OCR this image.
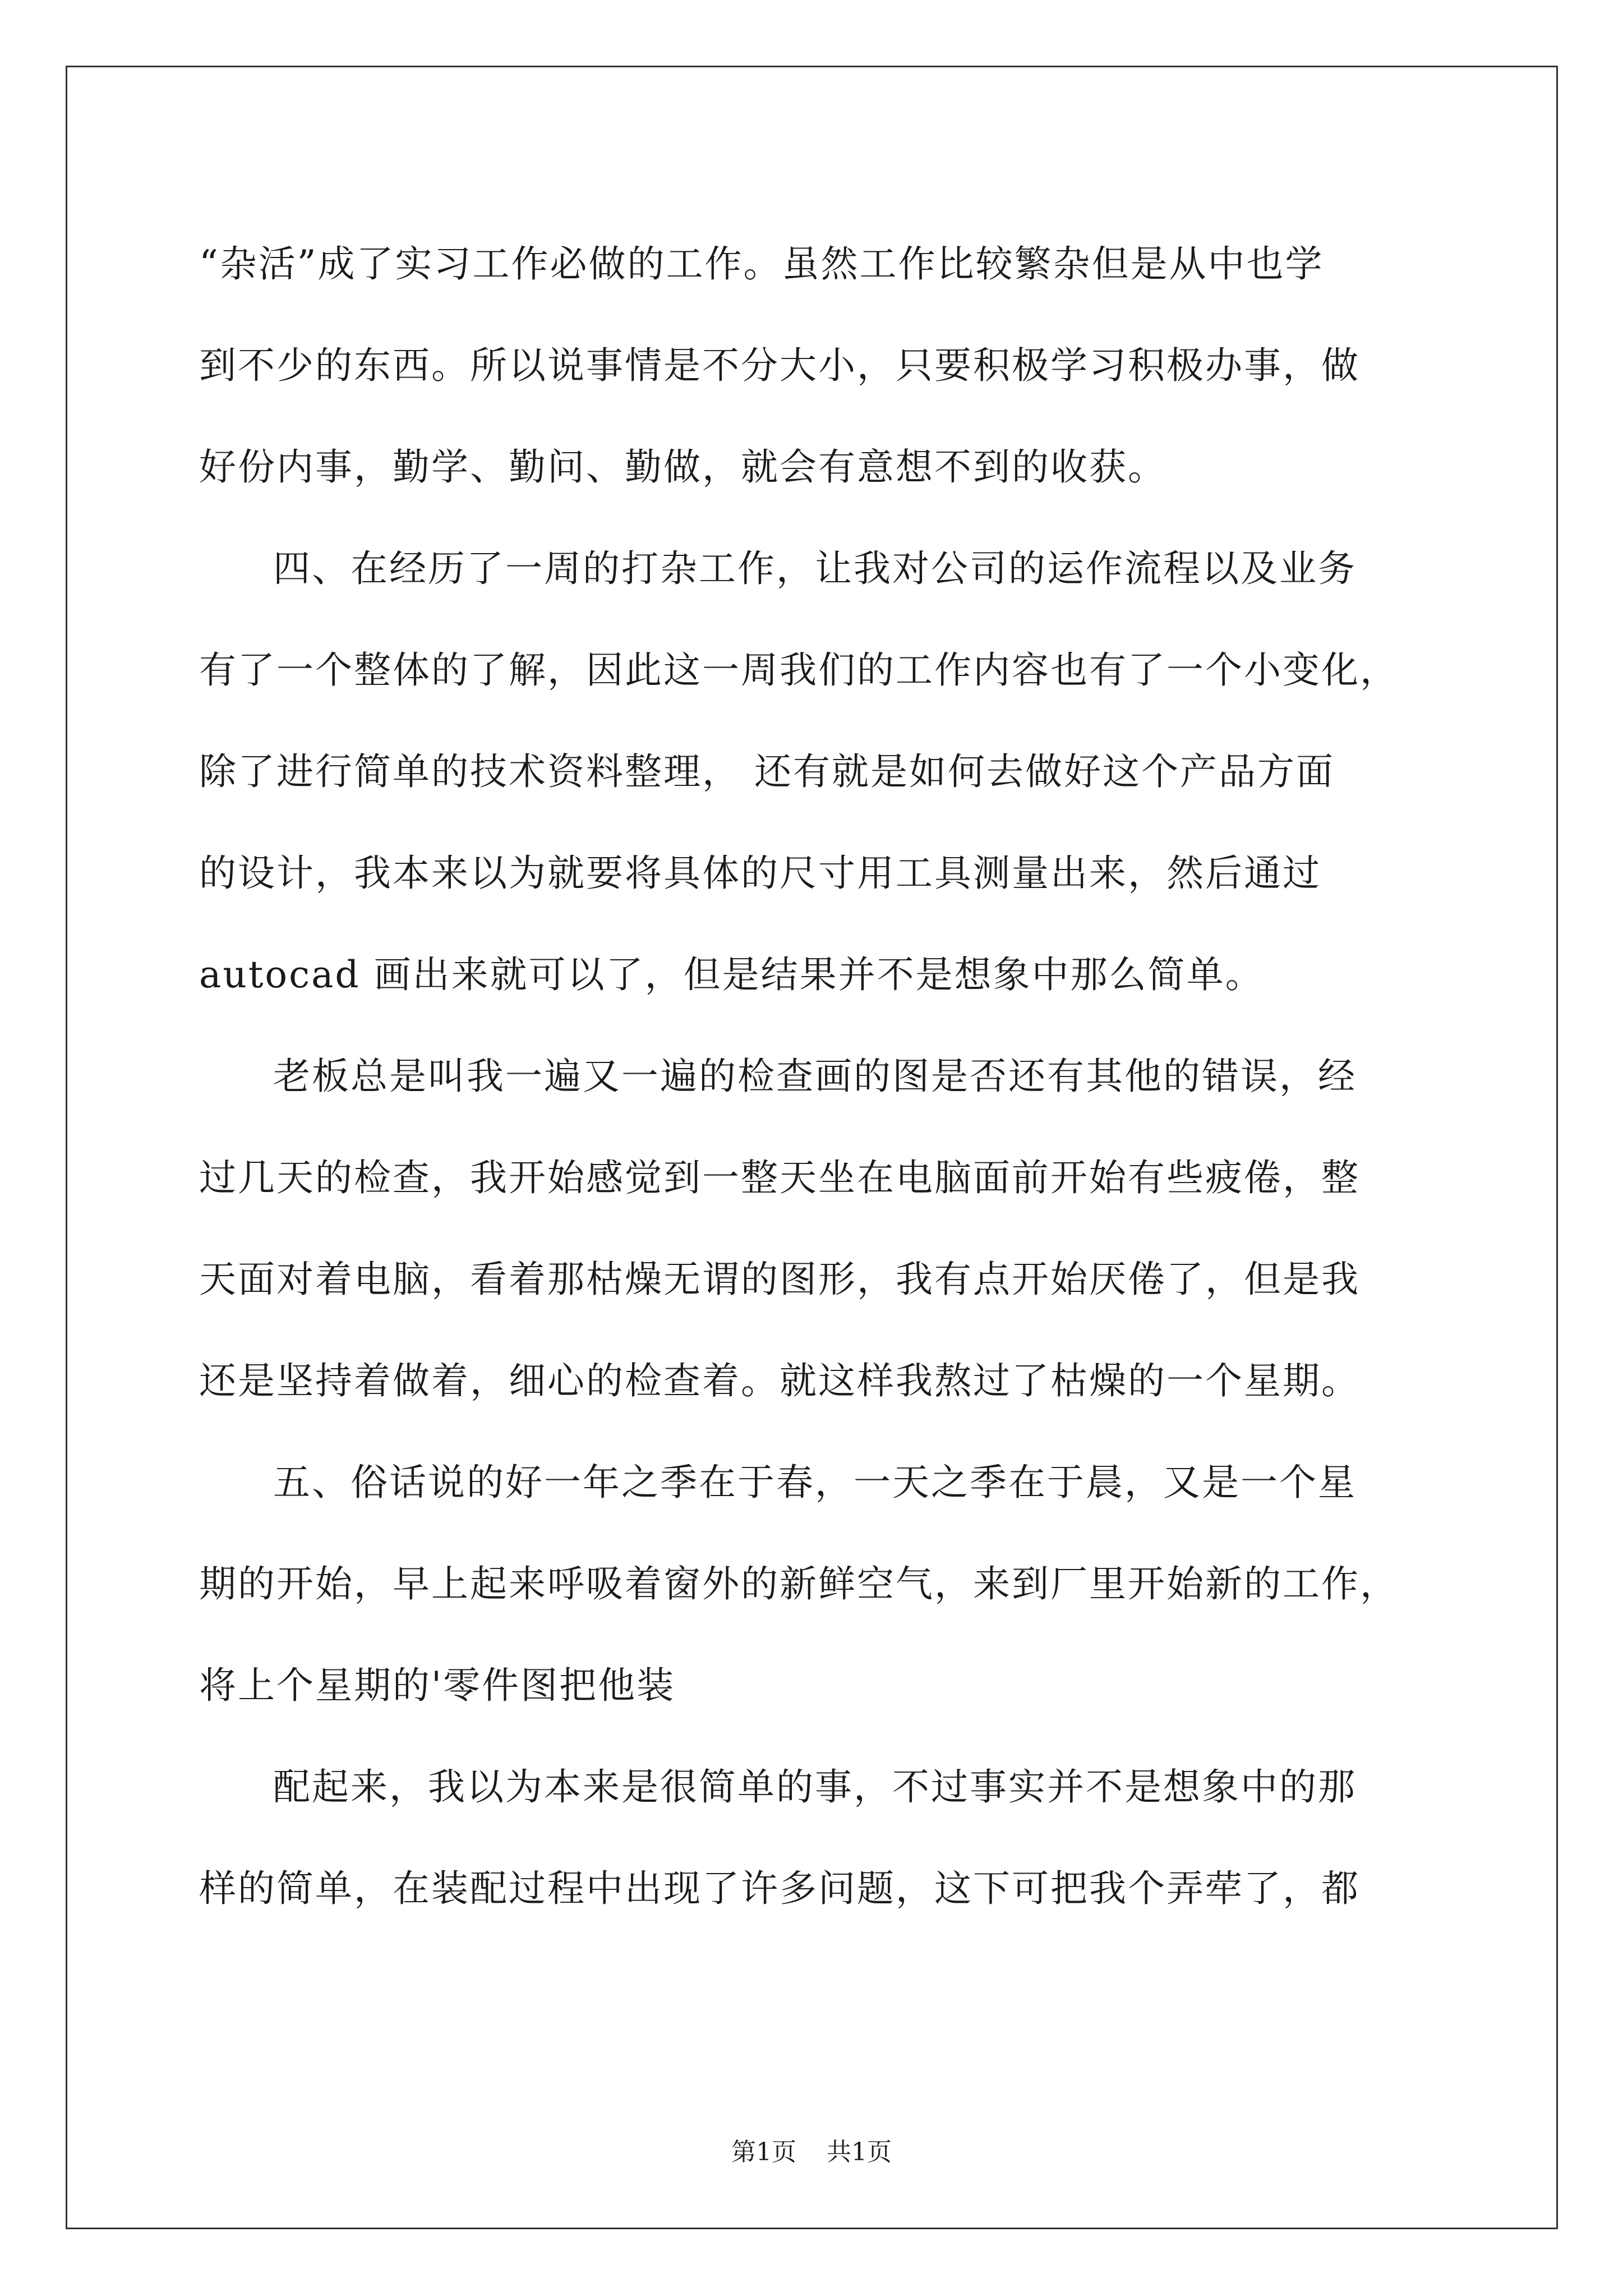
“杂活”成了实习工作必做的工作。虽然工作比较繁杂但是从中也学
到不少的东西。所以说事情是不分大小，只要积极学习积极办事，做
好份内事，勤学、勤问、勤做，就会有意想不到的收获。
四、在经历了一周的打杂工作，让我对公司的运作流程以及业务
有了一个整体的了解，因此这一周我们的工作内容也有了一个小变化，
除了进行简单的技术资料整理， 还有就是如何去做好这个产品方面
的设计，我本来以为就要将具体的尺寸用工具测量出来，然后通过
autocad 画出来就可以了，但是结果并不是想象中那么简单。
老板总是叫我一遍又一遍的检查画的图是否还有其他的错误，经
过几天的检查，我开始感觉到一整天坐在电脑面前开始有些疲倦，整
天面对着电脑，看着那枯燥无谓的图形，我有点开始厌倦了，但是我
还是坚持着做着，细心的检查着。就这样我熬过了枯燥的一个星期。
五、俗话说的好一年之季在于春，一天之季在于晨，又是一个星
期的开始，早上起来呼吸着窗外的新鲜空气，来到厂里开始新的工作，
将上个星期的'零件图把他装
配起来，我以为本来是很简单的事，不过事实并不是想象中的那
样的简单，在装配过程中出现了许多问题，这下可把我个弄荦了，都
第1页 共1页
